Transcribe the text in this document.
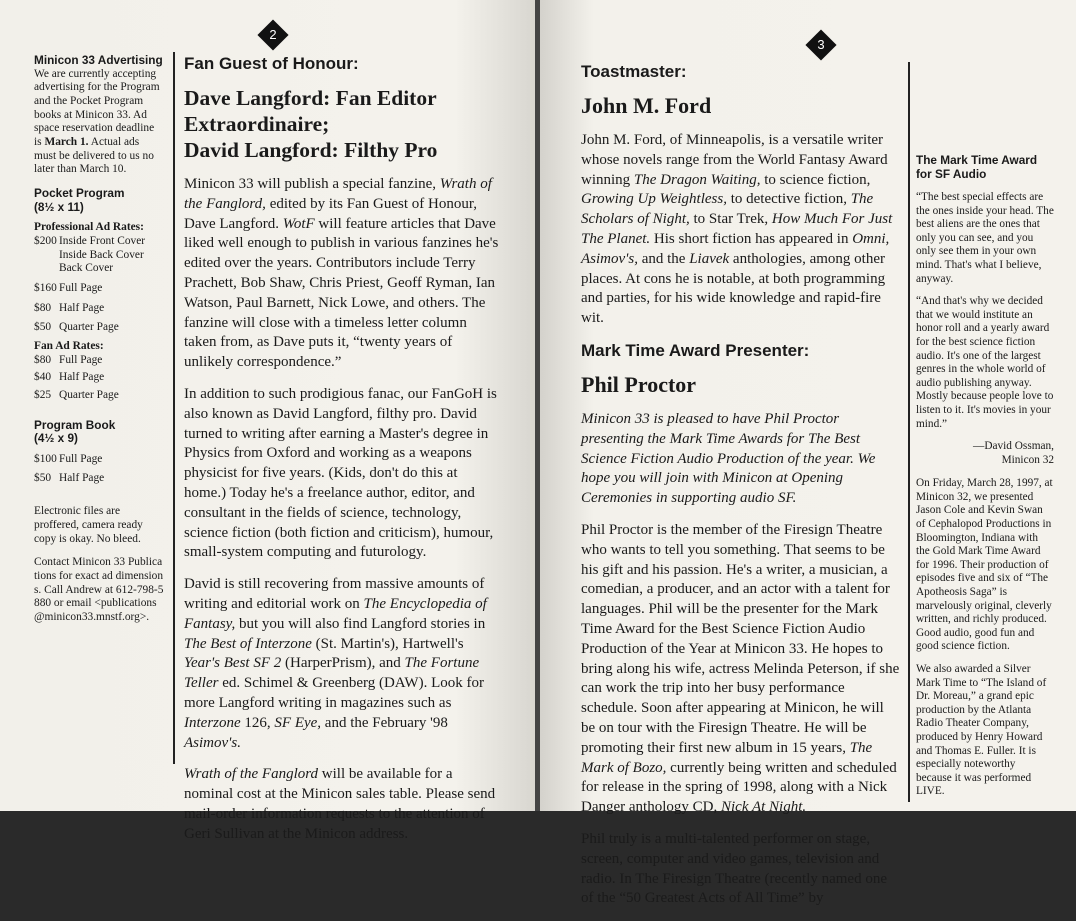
2
Minicon 33 Advertising

We are currently accepting advertising for the Program and the Pocket Program books at Minicon 33. Ad space reservation deadline is March 1. Actual ads must be delivered to us no later than March 10.

Pocket Program
(8½ x 11)

Professional Ad Rates:

$200 Inside Front Cover Inside Back Cover Back Cover
$160 Full Page
$80 Half Page
$50 Quarter Page

Fan Ad Rates:

$80 Full Page
$40 Half Page
$25 Quarter Page
Program Book
(4½ x 9)
$100 Full Page
$50 Half Page

Electronic files are proffered, camera ready copy is okay. No bleed.

Contact Minicon 33 Publications for exact ad dimensions. Call Andrew at 612-798-5880 or email <publications@minicon33.mnstf.org>.

Fan Guest of Honour:

Dave Langford: Fan Editor Extraordinaire;

David Langford: Filthy Pro

Minicon 33 will publish a special fanzine, Wrath of the Fanglord, edited by its Fan Guest of Honour, Dave Langford. WotF will feature articles that Dave liked well enough to publish in various fanzines he's edited over the years. Contributors include Terry Prachett, Bob Shaw, Chris Priest, Geoff Ryman, Ian Watson, Paul Barnett, Nick Lowe, and others. The fanzine will close with a timeless letter column taken from, as Dave puts it, “twenty years of unlikely correspondence.”

In addition to such prodigious fanac, our FanGoH is also known as David Langford, filthy pro. David turned to writing after earning a Master's degree in Physics from Oxford and working as a weapons physicist for five years. (Kids, don't do this at home.) Today he's a freelance author, editor, and consultant in the fields of science, technology, science fiction (both fiction and criticism), humour, small-system computing and futurology.

David is still recovering from massive amounts of writing and editorial work on The Encyclopedia of Fantasy, but you will also find Langford stories in The Best of Interzone (St. Martin's), Hartwell's Year's Best SF 2 (HarperPrism), and The Fortune Teller ed. Schimel & Greenberg (DAW). Look for more Langford writing in magazines such as Interzone 126, SF Eye, and the February '98 Asimov's.

Wrath of the Fanglord will be available for a nominal cost at the Minicon sales table. Please send mail-order information requests to the attention of Geri Sullivan at the Minicon address.

3

Toastmaster:

John M. Ford

John M. Ford, of Minneapolis, is a versatile writer whose novels range from the World Fantasy Award winning The Dragon Waiting, to science fiction, Growing Up Weightless, to detective fiction, The Scholars of Night, to Star Trek, How Much For Just The Planet. His short fiction has appeared in Omni, Asimov's, and the Liavek anthologies, among other places. At cons he is notable, at both programming and parties, for his wide knowledge and rapid-fire wit.

Mark Time Award Presenter:

Phil Proctor

Minicon 33 is pleased to have Phil Proctor presenting the Mark Time Awards for The Best Science Fiction Audio Production of the year. We hope you will join with Minicon at Opening Ceremonies in supporting audio SF.

Phil Proctor is the member of the Firesign Theatre who wants to tell you something. That seems to be his gift and his passion. He's a writer, a musician, a comedian, a producer, and an actor with a talent for languages. Phil will be the presenter for the Mark Time Award for the Best Science Fiction Audio Production of the Year at Minicon 33. He hopes to bring along his wife, actress Melinda Peterson, if she can work the trip into her busy performance schedule. Soon after appearing at Minicon, he will be on tour with the Firesign Theatre. He will be promoting their first new album in 15 years, The Mark of Bozo, currently being written and scheduled for release in the spring of 1998, along with a Nick Danger anthology CD, Nick At Night.

Phil truly is a multi-talented performer on stage, screen, computer and video games, television and radio. In The Firesign Theatre (recently named one of the “50 Greatest Acts of All Time” by

The Mark Time Award for SF Audio

“The best special effects are the ones inside your head. The best aliens are the ones that only you can see, and you only see them in your own mind. That's what I believe, anyway.

“And that's why we decided that we would institute an honor roll and a yearly award for the best science fiction audio. It's one of the largest genres in the whole world of audio publishing anyway. Mostly because people love to listen to it. It's movies in your mind.”

—David Ossman,

Minicon 32

On Friday, March 28, 1997, at Minicon 32, we presented Jason Cole and Kevin Swan of Cephalopod Productions in Bloomington, Indiana with the Gold Mark Time Award for 1996. Their production of episodes five and six of “The Apotheosis Saga” is marvelously original, cleverly written, and richly produced. Good audio, good fun and good science fiction.

We also awarded a Silver Mark Time to “The Island of Dr. Moreau,” a grand epic production by the Atlanta Radio Theater Company, produced by Henry Howard and Thomas E. Fuller. It is especially noteworthy because it was performed LIVE.
